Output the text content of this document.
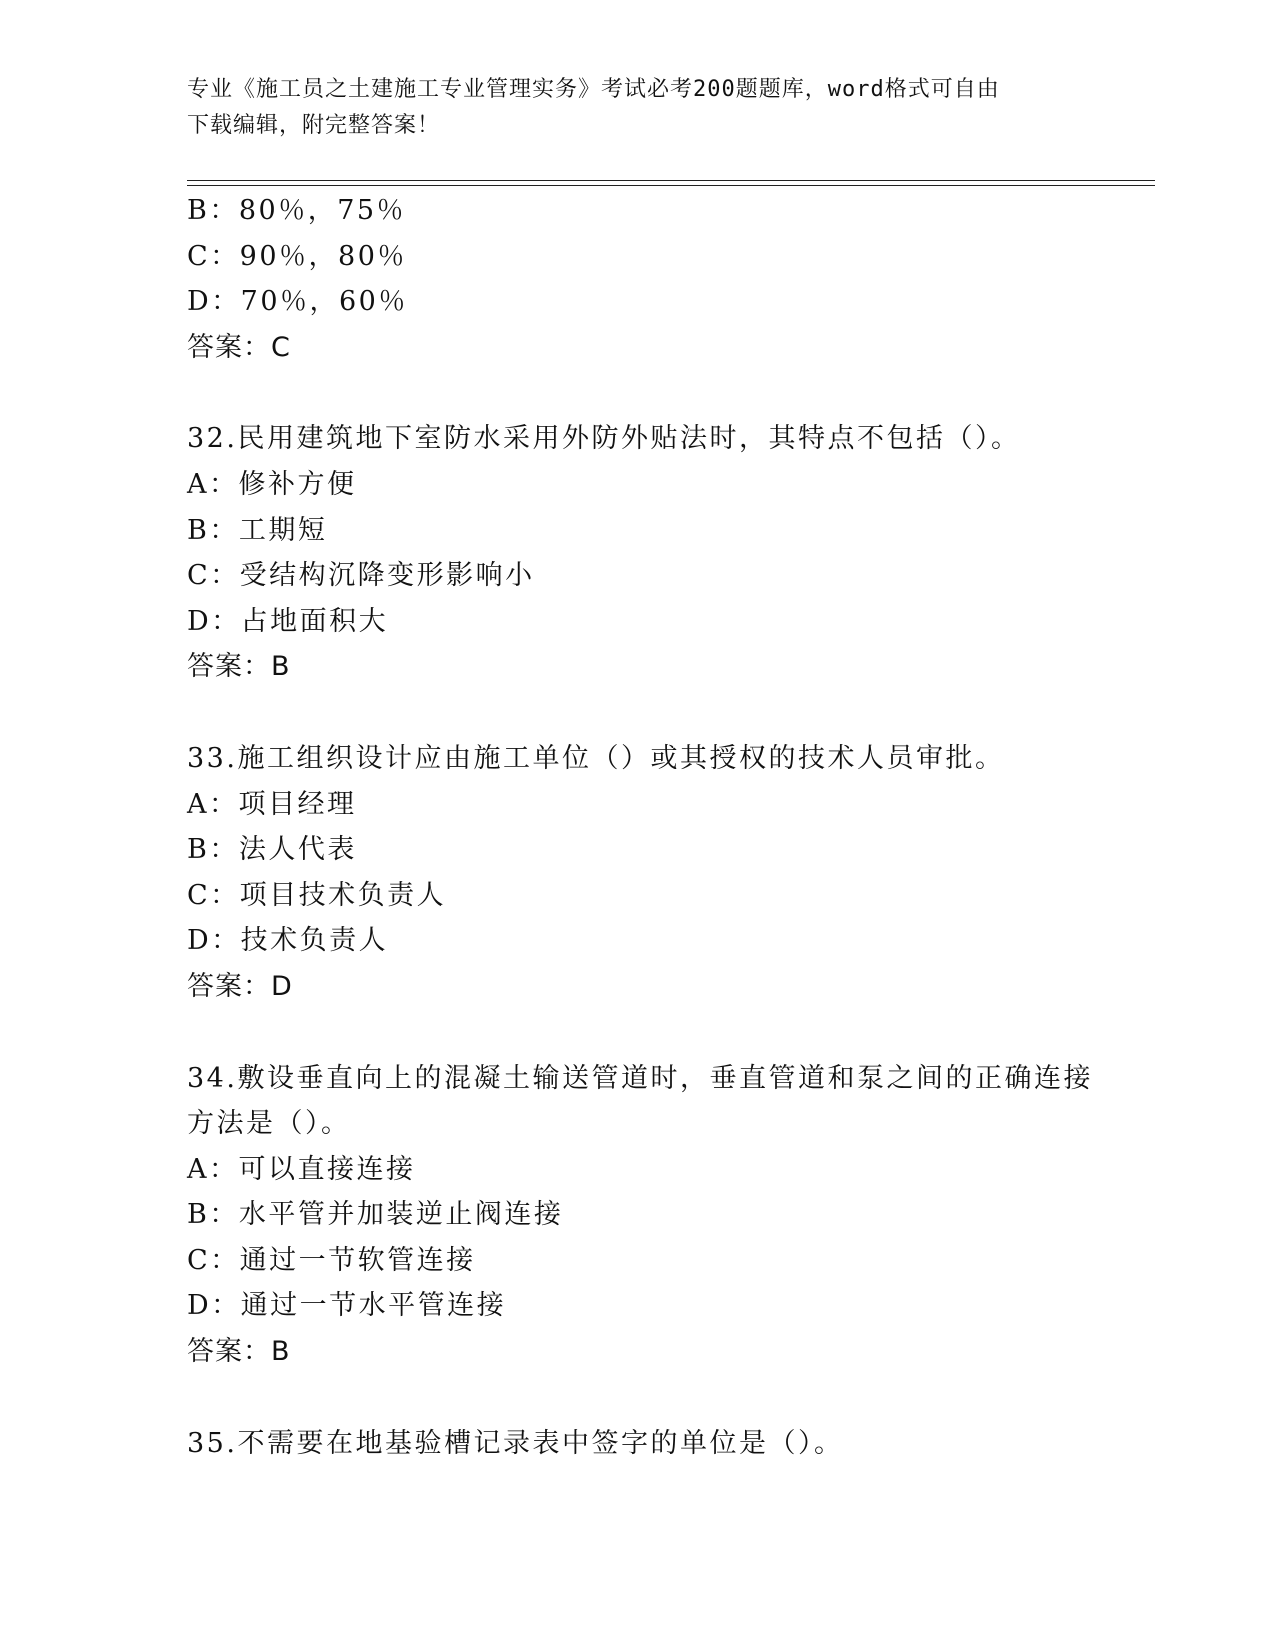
专业《施工员之土建施工专业管理实务》考试必考200题题库，word格式可自由
下载编辑，附完整答案！
B：80％，75％
C：90％，80％
D：70％，60％
答案：C
32.民用建筑地下室防水采用外防外贴法时，其特点不包括（）。
A：修补方便
B：工期短
C：受结构沉降变形影响小
D：占地面积大
答案：B
33.施工组织设计应由施工单位（）或其授权的技术人员审批。
A：项目经理
B：法人代表
C：项目技术负责人
D：技术负责人
答案：D
34.敷设垂直向上的混凝土输送管道时，垂直管道和泵之间的正确连接
方法是（）。
A：可以直接连接
B：水平管并加装逆止阀连接
C：通过一节软管连接
D：通过一节水平管连接
答案：B
35.不需要在地基验槽记录表中签字的单位是（）。
